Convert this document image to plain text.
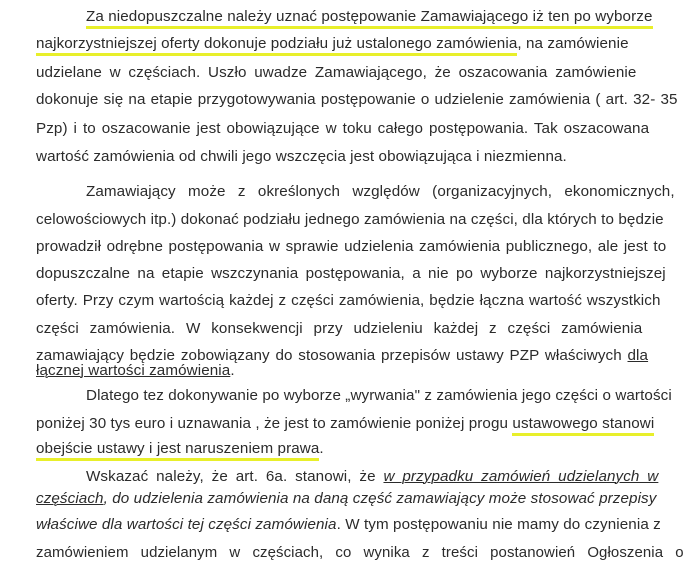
Za niedopuszczalne należy uznać postępowanie Zamawiającego iż ten po wyborze
najkorzystniejszej oferty dokonuje podziału już ustalonego zamówienia, na zamówienie
udzielane w częściach. Uszło uwadze Zamawiającego, że oszacowania zamówienie
dokonuje się na etapie przygotowywania postępowanie o udzielenie zamówienia ( art. 32- 35
Pzp) i to oszacowanie jest obowiązujące w toku całego postępowania. Tak oszacowana
wartość zamówienia od chwili jego wszczęcia jest obowiązująca i niezmienna.
Zamawiający może z określonych względów (organizacyjnych, ekonomicznych,
celowościowych itp.) dokonać podziału jednego zamówienia na części, dla których to będzie
prowadził odrębne postępowania w sprawie udzielenia zamówienia publicznego, ale jest to
dopuszczalne na etapie wszczynania postępowania, a nie po wyborze najkorzystniejszej
oferty. Przy czym wartością każdej z części zamówienia, będzie łączna wartość wszystkich
części zamówienia. W konsekwencji przy udzieleniu każdej z części zamówienia
zamawiający będzie zobowiązany do stosowania przepisów ustawy PZP właściwych dla
łącznej wartości zamówienia.
Dlatego tez dokonywanie po wyborze „wyrwania" z zamówienia jego części o wartości
poniżej 30 tys euro i uznawania , że jest to zamówienie poniżej progu ustawowego stanowi
obejście ustawy i jest naruszeniem prawa.
Wskazać należy, że art. 6a. stanowi, że w przypadku zamówień udzielanych w
częściach, do udzielenia zamówienia na daną część zamawiający może stosować przepisy
właściwe dla wartości tej części zamówienia. W tym postępowaniu nie mamy do czynienia z
zamówieniem udzielanym w częściach, co wynika z treści postanowień Ogłoszenia o
